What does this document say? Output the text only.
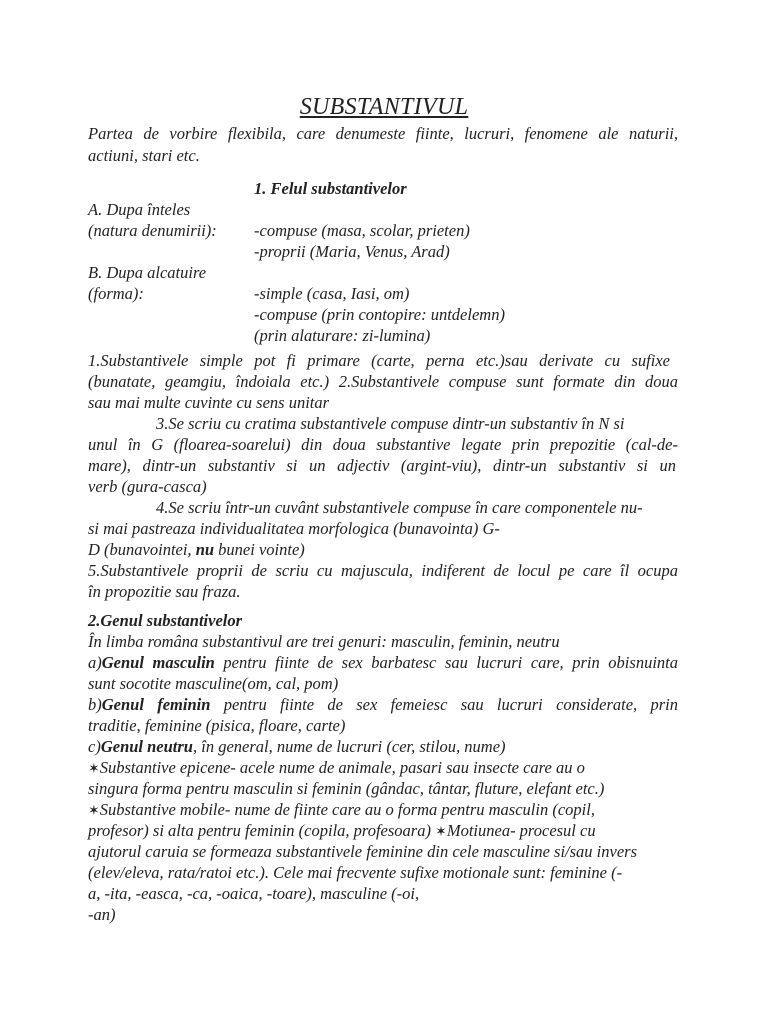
SUBSTANTIVUL
Partea de vorbire flexibila, care denumeste fiinte, lucruri, fenomene ale naturii,
actiuni, stari etc.
1. Felul substantivelor
A. Dupa înteles
(natura denumirii):	-compuse (masa, scolar, prieten)
-proprii (Maria, Venus, Arad)
B. Dupa alcatuire
(forma):	-simple (casa, Iasi, om)
-compuse (prin contopire: untdelemn)
(prin alaturare: zi-lumina)
1.Substantivele simple pot fi primare (carte, perna etc.)sau derivate cu sufixe
(bunatate, geamgiu, îndoiala etc.) 2.Substantivele compuse sunt formate din doua
sau mai multe cuvinte cu sens unitar
3.Se scriu cu cratima substantivele compuse dintr-un substantiv în N si
unul în G (floarea-soarelui) din doua substantive legate prin prepozitie (cal-de-
mare), dintr-un substantiv si un adjectiv (argint-viu), dintr-un substantiv si un
verb (gura-casca)
4.Se scriu într-un cuvânt substantivele compuse în care componentele nu-
si mai pastreaza individualitatea morfologica (bunavointa) G-
D (bunavointei, nu bunei vointe)
5.Substantivele proprii de scriu cu majuscula, indiferent de locul pe care îl ocupa
în propozitie sau fraza.
2.Genul substantivelor
În limba româna substantivul are trei genuri: masculin, feminin, neutru
a)Genul masculin pentru fiinte de sex barbatesc sau lucruri care, prin obisnuinta
sunt socotite masculine(om, cal, pom)
b)Genul feminin pentru fiinte de sex femeiesc sau lucruri considerate, prin
traditie, feminine (pisica, floare, carte)
c)Genul neutru, în general, nume de lucruri (cer, stilou, nume)
✶Substantive epicene- acele nume de animale, pasari sau insecte care au o
singura forma pentru masculin si feminin (gândac, tântar, fluture, elefant etc.)
✶Substantive mobile- nume de fiinte care au o forma pentru masculin (copil,
profesor) si alta pentru feminin (copila, profesoara) ✶Motiunea- procesul cu
ajutorul caruia se formeaza substantivele feminine din cele masculine si/sau invers
(elev/eleva, rata/ratoi etc.). Cele mai frecvente sufixe motionale sunt: feminine (-
a, -ita, -easca, -ca, -oaica, -toare), masculine (-oi,
-an)
